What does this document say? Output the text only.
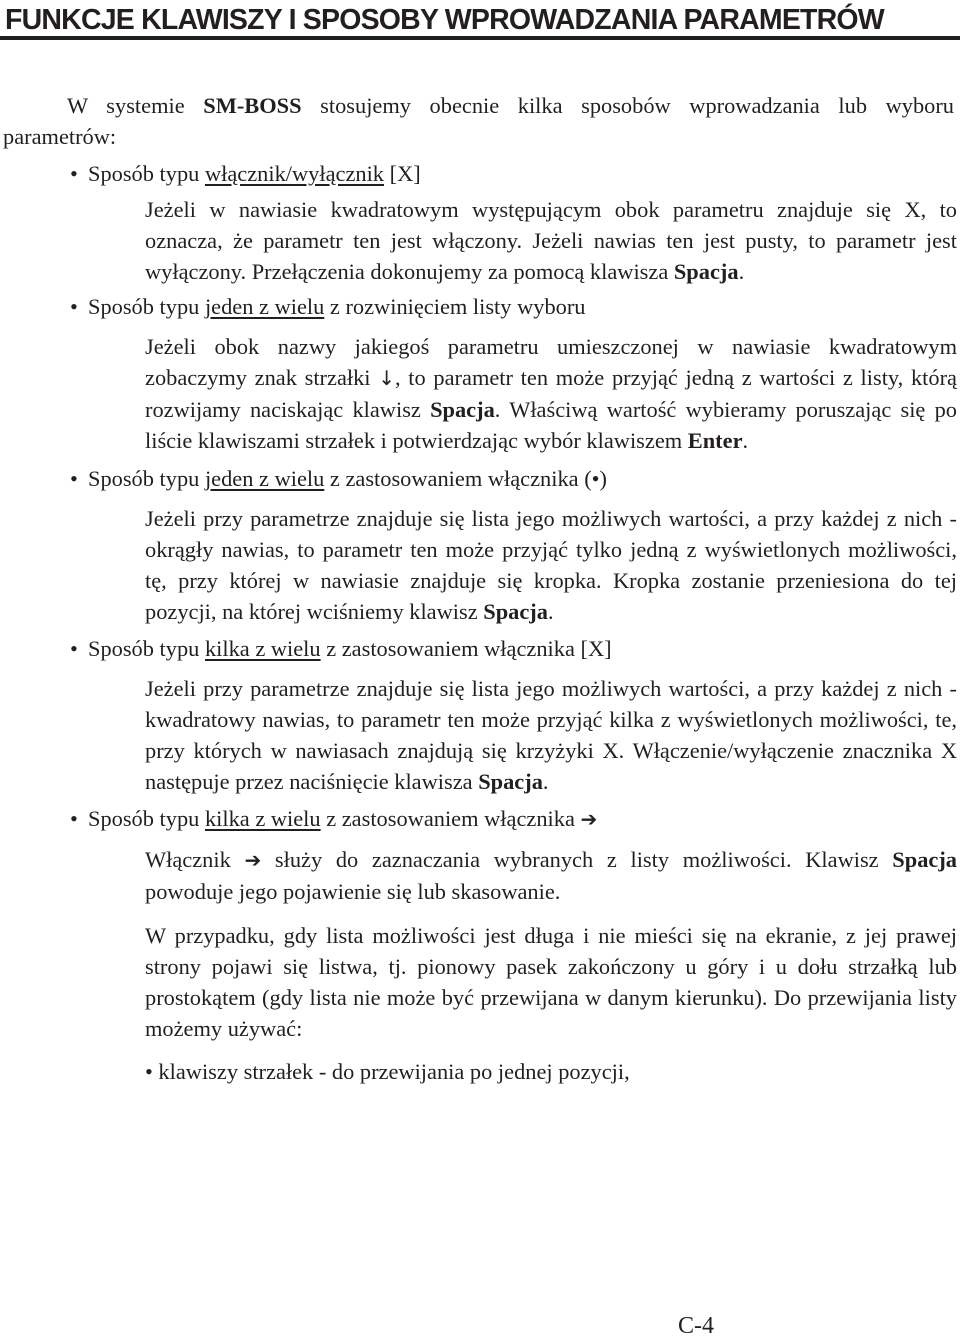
FUNKCJE KLAWISZY I SPOSOBY WPROWADZANIA PARAMETRÓW

W systemie SM-BOSS stosujemy obecnie kilka sposobów wprowadzania lub wyboru parametrów:

• Sposób typu włącznik/wyłącznik [X]

Jeżeli w nawiasie kwadratowym występującym obok parametru znajduje się X, to oznacza, że parametr ten jest włączony. Jeżeli nawias ten jest pusty, to parametr jest wyłączony. Przełączenia dokonujemy za pomocą klawisza Spacja.

• Sposób typu jeden z wielu z rozwinięciem listy wyboru

Jeżeli obok nazwy jakiegoś parametru umieszczonej w nawiasie kwadratowym zobaczymy znak strzałki ↓, to parametr ten może przyjąć jedną z wartości z listy, którą rozwijamy naciskając klawisz Spacja. Właściwą wartość wybieramy poruszając się po liście klawiszami strzałek i potwierdzając wybór klawiszem Enter.

• Sposób typu jeden z wielu z zastosowaniem włącznika (•)

Jeżeli przy parametrze znajduje się lista jego możliwych wartości, a przy każdej z nich - okrągły nawias, to parametr ten może przyjąć tylko jedną z wyświetlonych możliwości, tę, przy której w nawiasie znajduje się kropka. Kropka zostanie przeniesiona do tej pozycji, na której wciśniemy klawisz Spacja.

• Sposób typu kilka z wielu z zastosowaniem włącznika [X]

Jeżeli przy parametrze znajduje się lista jego możliwych wartości, a przy każdej z nich - kwadratowy nawias, to parametr ten może przyjąć kilka z wyświetlonych możliwości, te, przy których w nawiasach znajdują się krzyżyki X. Włączenie/wyłączenie znacznika X następuje przez naciśnięcie klawisza Spacja.

• Sposób typu kilka z wielu z zastosowaniem włącznika ➔

Włącznik ➔ służy do zaznaczania wybranych z listy możliwości. Klawisz Spacja powoduje jego pojawienie się lub skasowanie.

W przypadku, gdy lista możliwości jest długa i nie mieści się na ekranie, z jej prawej strony pojawi się listwa, tj. pionowy pasek zakończony u góry i u dołu strzałką lub prostokątem (gdy lista nie może być przewijana w danym kierunku). Do przewijania listy możemy używać:

• klawiszy strzałek - do przewijania po jednej pozycji,
C-4
